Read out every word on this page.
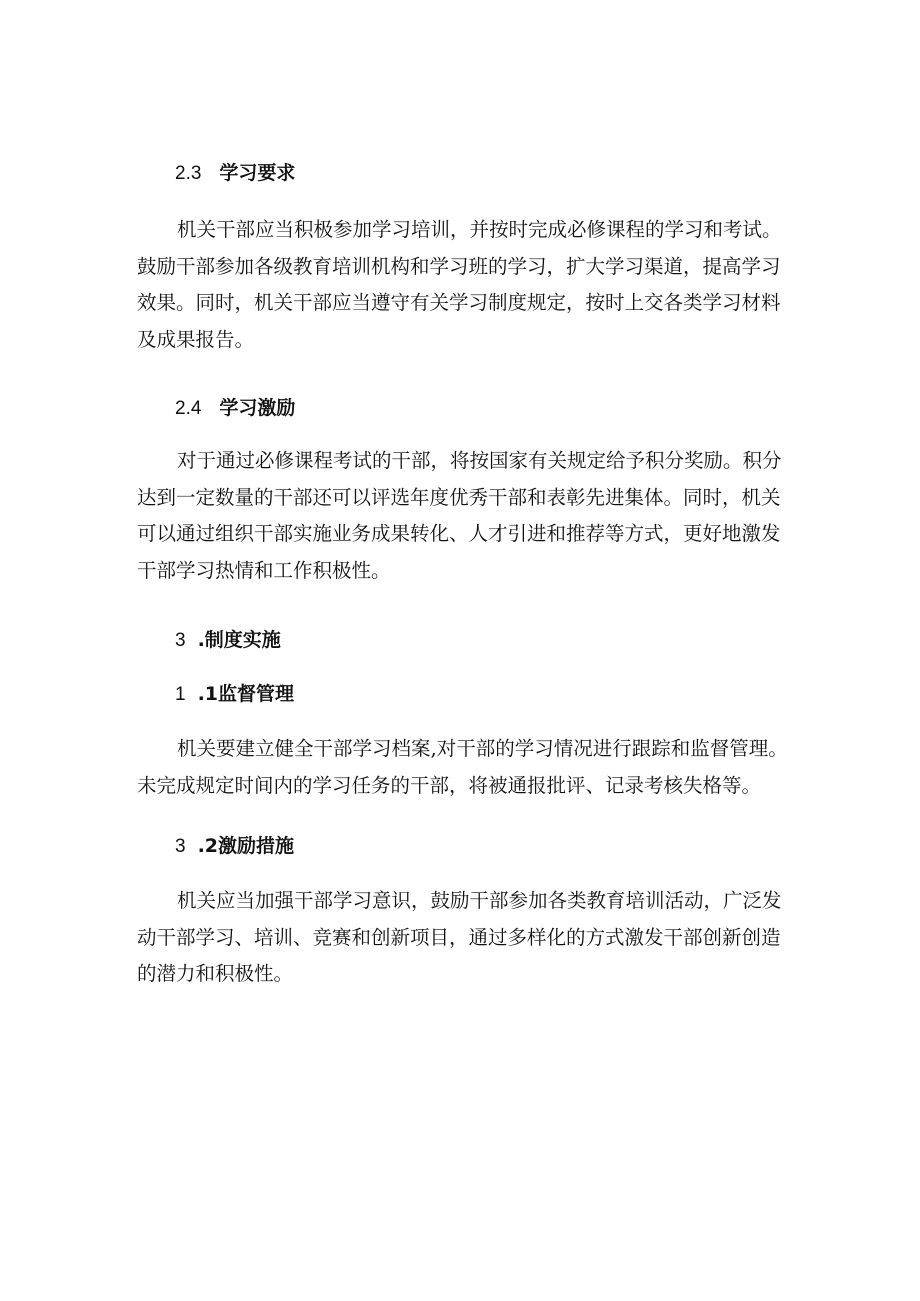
2.3 学习要求
机关干部应当积极参加学习培训，并按时完成必修课程的学习和考试。
鼓励干部参加各级教育培训机构和学习班的学习，扩大学习渠道，提高学习
效果。同时，机关干部应当遵守有关学习制度规定，按时上交各类学习材料
及成果报告。
2.4 学习激励
对于通过必修课程考试的干部，将按国家有关规定给予积分奖励。积分
达到一定数量的干部还可以评选年度优秀干部和表彰先进集体。同时，机关
可以通过组织干部实施业务成果转化、人才引进和推荐等方式，更好地激发
干部学习热情和工作积极性。
3 .制度实施
1 .1监督管理
机关要建立健全干部学习档案,对干部的学习情况进行跟踪和监督管理。
未完成规定时间内的学习任务的干部，将被通报批评、记录考核失格等。
3 .2激励措施
机关应当加强干部学习意识，鼓励干部参加各类教育培训活动，广泛发
动干部学习、培训、竞赛和创新项目，通过多样化的方式激发干部创新创造
的潜力和积极性。
